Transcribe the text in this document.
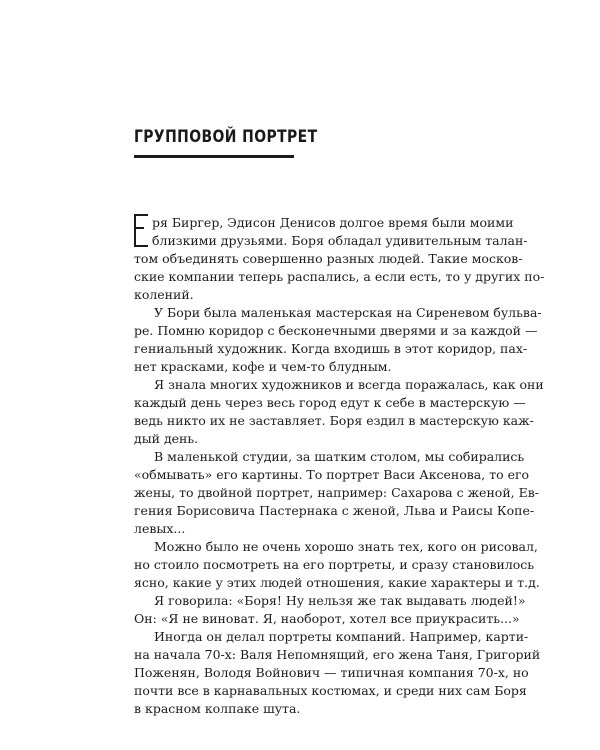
ГРУППОВОЙ ПОРТРЕТ
ря Биргер, Эдисон Денисов долгое время были моими
близкими друзьями. Боря обладал удивительным талан-
том объединять совершенно разных людей. Такие москов-
ские компании теперь распались, а если есть, то у других по-
колений.
У Бори была маленькая мастерская на Сиреневом бульва-
ре. Помню коридор с бесконечными дверями и за каждой —
гениальный художник. Когда входишь в этот коридор, пах-
нет красками, кофе и чем-то блудным.
Я знала многих художников и всегда поражалась, как они
каждый день через весь город едут к себе в мастерскую —
ведь никто их не заставляет. Боря ездил в мастерскую каж-
дый день.
В маленькой студии, за шатким столом, мы собирались
«обмывать» его картины. То портрет Васи Аксенова, то его
жены, то двойной портрет, например: Сахарова с женой, Ев-
гения Борисовича Пастернака с женой, Льва и Раисы Копе-
левых...
Можно было не очень хорошо знать тех, кого он рисовал,
но стоило посмотреть на его портреты, и сразу становилось
ясно, какие у этих людей отношения, какие характеры и т.д.
Я говорила: «Боря! Ну нельзя же так выдавать людей!»
Он: «Я не виноват. Я, наоборот, хотел все приукрасить...»
Иногда он делал портреты компаний. Например, карти-
на начала 70-х: Валя Непомнящий, его жена Таня, Григорий
Поженян, Володя Войнович — типичная компания 70-х, но
почти все в карнавальных костюмах, и среди них сам Боря
в красном колпаке шута.
